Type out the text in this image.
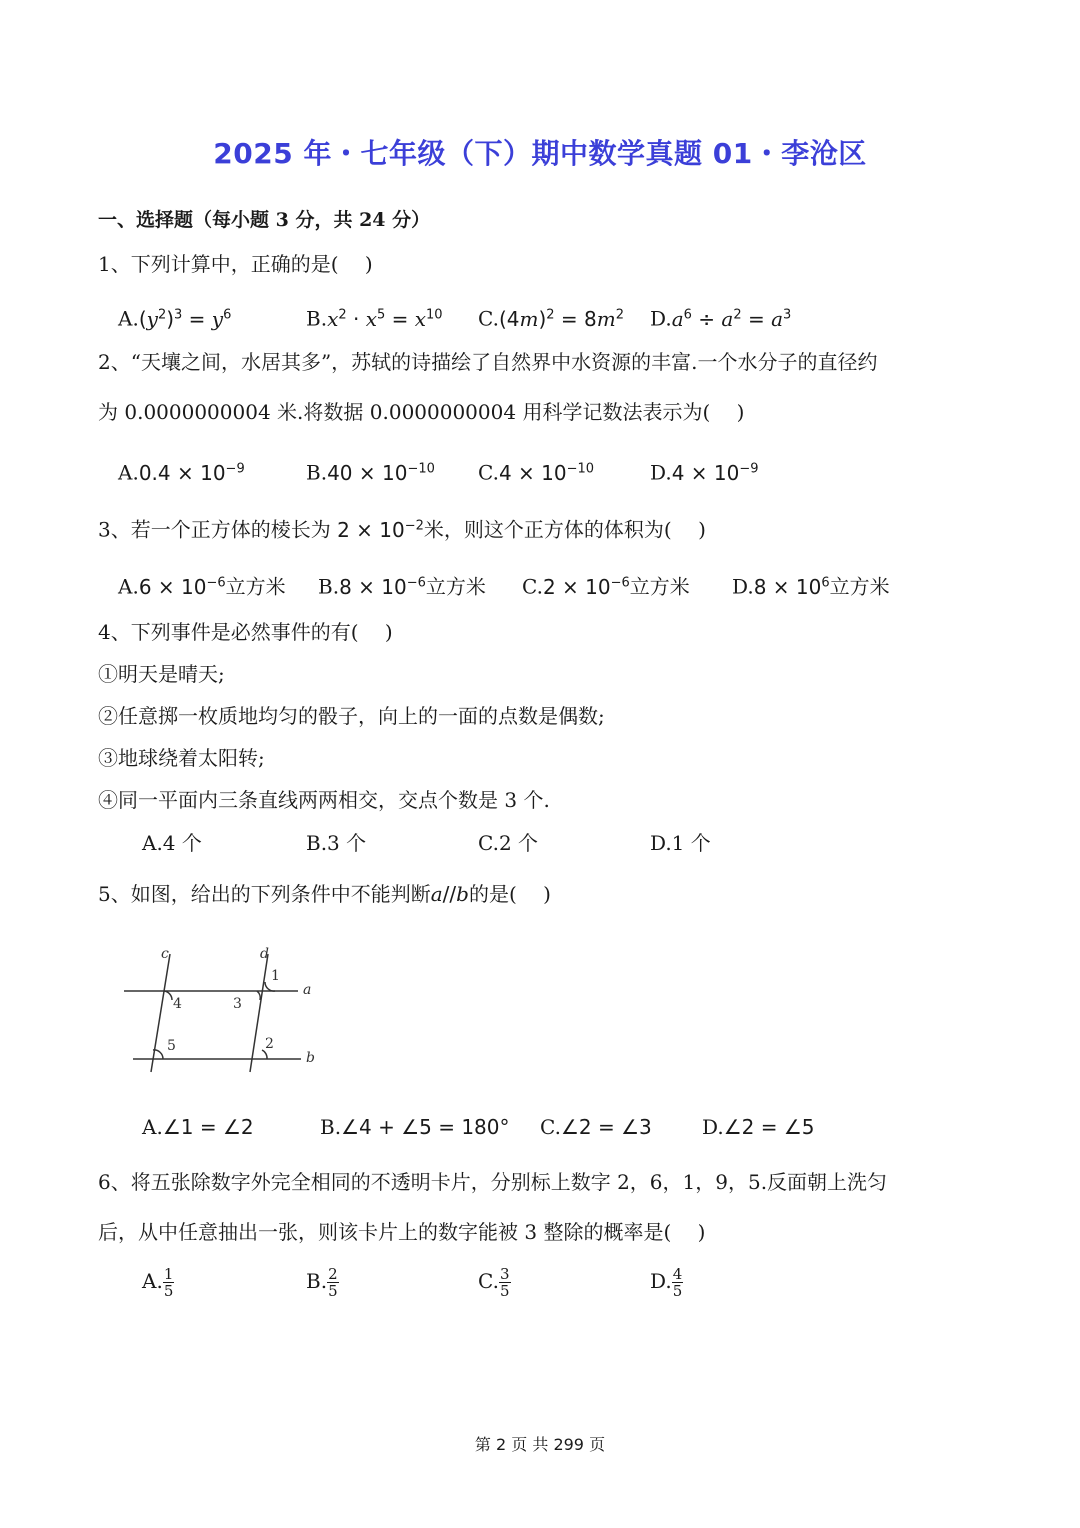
2025 年・七年级（下）期中数学真题 01・李沧区
一、选择题（每小题 3 分，共 24 分）
1、下列计算中，正确的是(　 )
$A.(y^2)^3 = y^6$	$B.x^2 \cdot x^5 = x^{10}$ $C.(4m)^2 = 8m^2$ $D.a^6 \div a^2 = a^3$
2、“天壤之间，水居其多”，苏轼的诗描绘了自然界中水资源的丰富.一个水分子的直径约
为 0.0000000004 米.将数据 0.0000000004 用科学记数法表示为(　 )
$A.0.4 \times 10^{-9}$	$B.40 \times 10^{-10}$ $C.4 \times 10^{-10}$	$D.4 \times 10^{-9}$
3、若一个正方体的棱长为 $2 \times 10^{-2}$米，则这个正方体的体积为(　 )
$A.6 \times 10^{-6}$立方米 $B.8 \times 10^{-6}$立方米 $C.2 \times 10^{-6}$立方米 $D.8 \times 10^6$立方米
4、下列事件是必然事件的有(　 )
①明天是晴天;
②任意掷一枚质地均匀的骰子，向上的一面的点数是偶数;
③地球绕着太阳转;
④同一平面内三条直线两两相交，交点个数是 3 个.
A.4 个	B.3 个	C.2 个	D.1 个
5、如图，给出的下列条件中不能判断a//b的是(　 )
c	d
a
b
1
2
3
4
5
A.∠1 = ∠2	B.∠4 + ∠5 = 180° C.∠2 = ∠3	D.∠2 = ∠5
6、将五张除数字外完全相同的不透明卡片，分别标上数字 2，6，1，9，5.反面朝上洗匀
后，从中任意抽出一张，则该卡片上的数字能被 3 整除的概率是(　 )
A. $\frac{1}{5}$	B. $\frac{2}{5}$	C. $\frac{3}{5}$	D. $\frac{4}{5}$
第 2 页 共 299 页
